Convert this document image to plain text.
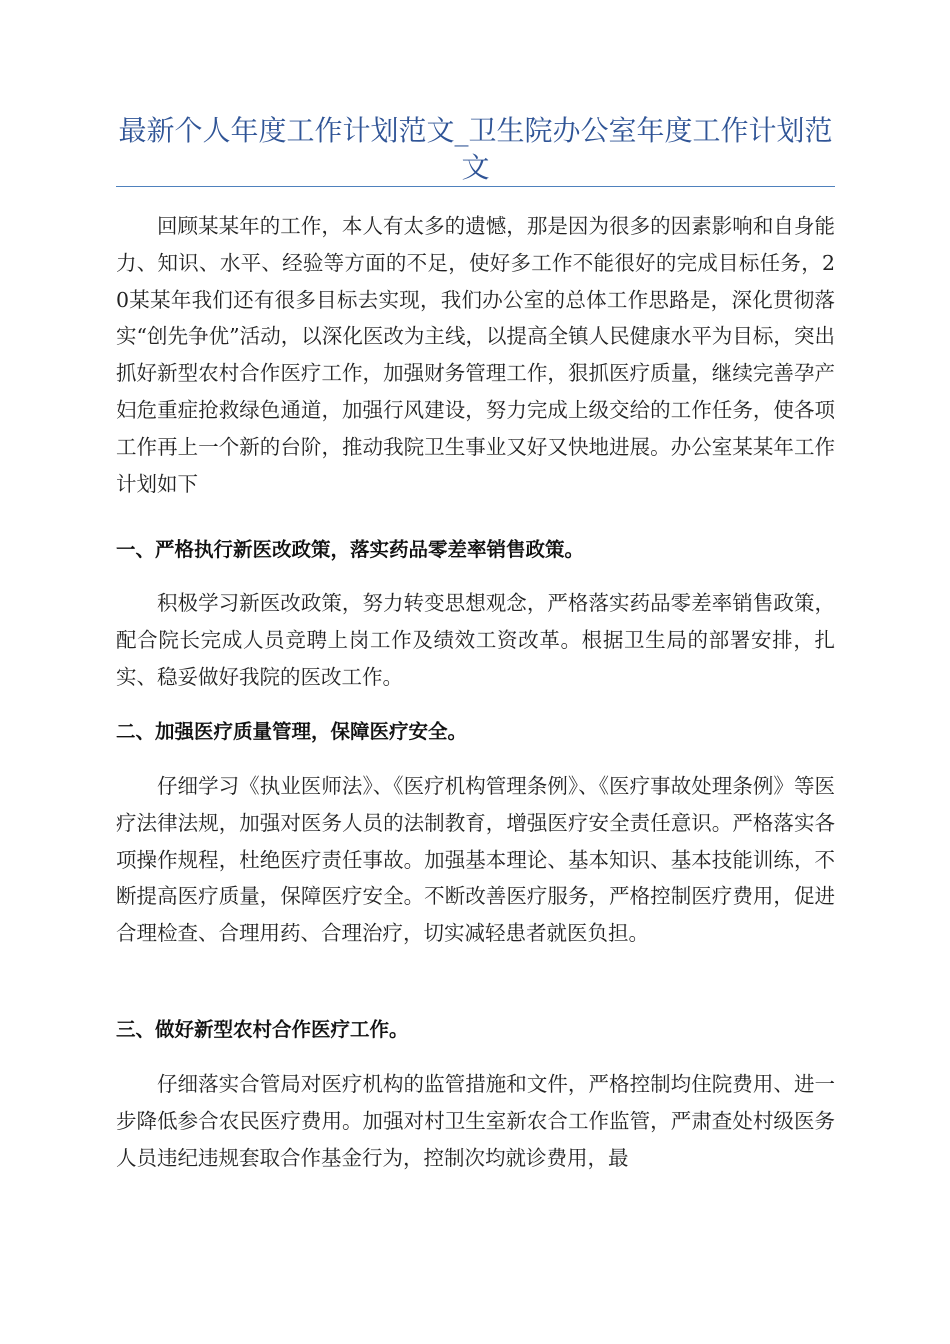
最新个人年度工作计划范文_卫生院办公室年度工作计划范文

回顾某某年的工作，本人有太多的遗憾，那是因为很多的因素影响和自身能力、知识、水平、经验等方面的不足，使好多工作不能很好的完成目标任务，20某某年我们还有很多目标去实现，我们办公室的总体工作思路是，深化贯彻落实“创先争优”活动，以深化医改为主线，以提高全镇人民健康水平为目标，突出抓好新型农村合作医疗工作，加强财务管理工作，狠抓医疗质量，继续完善孕产妇危重症抢救绿色通道，加强行风建设，努力完成上级交给的工作任务，使各项工作再上一个新的台阶，推动我院卫生事业又好又快地进展。办公室某某年工作计划如下

一、严格执行新医改政策，落实药品零差率销售政策。

积极学习新医改政策，努力转变思想观念，严格落实药品零差率销售政策，配合院长完成人员竞聘上岗工作及绩效工资改革。根据卫生局的部署安排，扎实、稳妥做好我院的医改工作。

二、加强医疗质量管理，保障医疗安全。

仔细学习《执业医师法》、《医疗机构管理条例》、《医疗事故处理条例》等医疗法律法规，加强对医务人员的法制教育，增强医疗安全责任意识。严格落实各项操作规程，杜绝医疗责任事故。加强基本理论、基本知识、基本技能训练，不断提高医疗质量，保障医疗安全。不断改善医疗服务，严格控制医疗费用，促进合理检查、合理用药、合理治疗，切实减轻患者就医负担。

三、做好新型农村合作医疗工作。

仔细落实合管局对医疗机构的监管措施和文件，严格控制均住院费用、进一步降低参合农民医疗费用。加强对村卫生室新农合工作监管，严肃查处村级医务人员违纪违规套取合作基金行为，控制次均就诊费用，最
